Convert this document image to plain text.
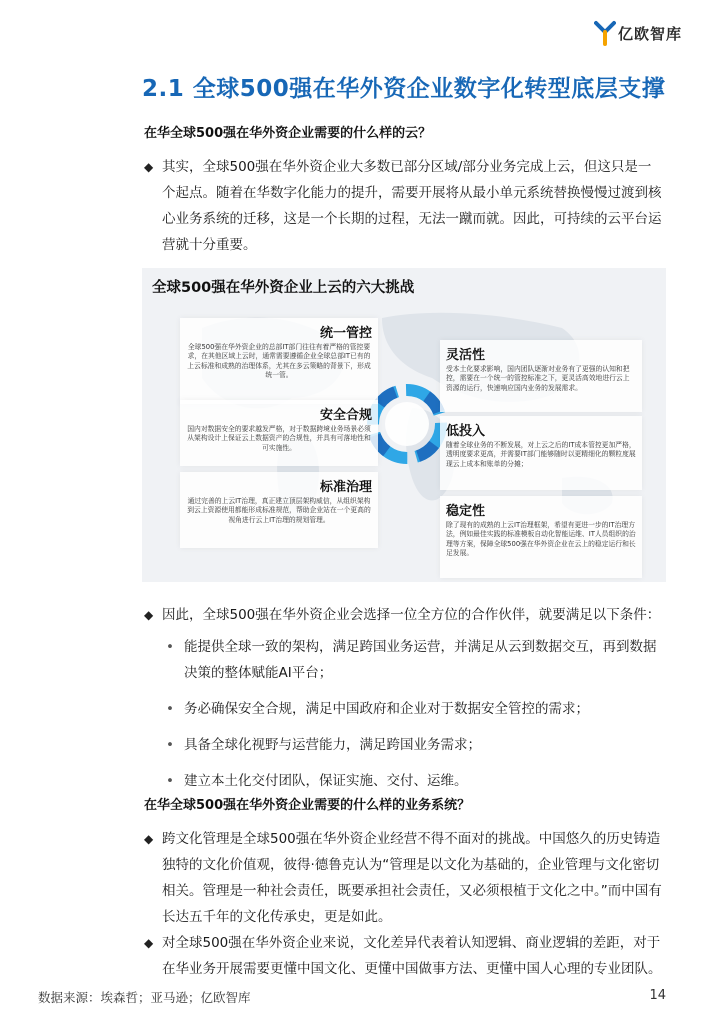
亿欧智库
2.1 全球500强在华外资企业数字化转型底层支撑
在华全球500强在华外资企业需要的什么样的云？
◆ 其实，全球500强在华外资企业大多数已部分区域/部分业务完成上云，但这只是一个起点。随着在华数字化能力的提升，需要开展将从最小单元系统替换慢慢过渡到核心业务系统的迁移，这是一个长期的过程，无法一蹴而就。因此，可持续的云平台运营就十分重要。
全球500强在华外资企业上云的六大挑战
统一管控

全球500强在华外资企业的总部IT部门往往有着严格的管控要求，在其他区域上云时，通常需要遵循企业全球总部IT已有的上云标准和成熟的治理体系，尤其在多云策略的背景下，形成统一管。

安全合规

国内对数据安全的要求越发严格，对于数据跨境业务场景必须从架构设计上保证云上数据资产的合规性，并具有可落地性和可实施性。

标准治理

通过完善的上云IT治理，真正建立顶层架构威信，从组织架构到云上资源使用都能形成标准规范，帮助企业站在一个更高的视角进行云上IT治理的规划管理。

灵活性

受本土化要求影响，国内团队逐渐对业务有了更强的认知和把控，需要在一个统一的管控标准之下，更灵活高效地进行云上资源的运行，快速响应国内业务的发展需求。

低投入

随着全球业务的不断发展，对上云之后的IT成本管控更加严格，透明度要求更高，并需要IT部门能够随时以更精细化的颗粒度展现云上成本和账单的分摊；

稳定性

除了现有的成熟的上云IT治理框架，希望有更进一步的IT治理方法，例如最佳实践的标准模板自动化智能运维、IT人员组织的治理等方案，保障全球500强在华外资企业在云上的稳定运行和长足发展。

◆ 因此，全球500强在华外资企业会选择一位全方位的合作伙伴，就要满足以下条件：
• 能提供全球一致的架构，满足跨国业务运营，并满足从云到数据交互，再到数据决策的整体赋能AI平台；
• 务必确保安全合规，满足中国政府和企业对于数据安全管控的需求；
• 具备全球化视野与运营能力，满足跨国业务需求；
• 建立本土化交付团队，保证实施、交付、运维。
在华全球500强在华外资企业需要的什么样的业务系统？
◆ 跨文化管理是全球500强在华外资企业经营不得不面对的挑战。中国悠久的历史铸造独特的文化价值观，彼得·德鲁克认为“管理是以文化为基础的，企业管理与文化密切相关。管理是一种社会责任，既要承担社会责任，又必须根植于文化之中。”而中国有长达五千年的文化传承史，更是如此。
◆ 对全球500强在华外资企业来说，文化差异代表着认知逻辑、商业逻辑的差距，对于在华业务开展需要更懂中国文化、更懂中国做事方法、更懂中国人心理的专业团队。
数据来源：埃森哲；亚马逊；亿欧智库	14
